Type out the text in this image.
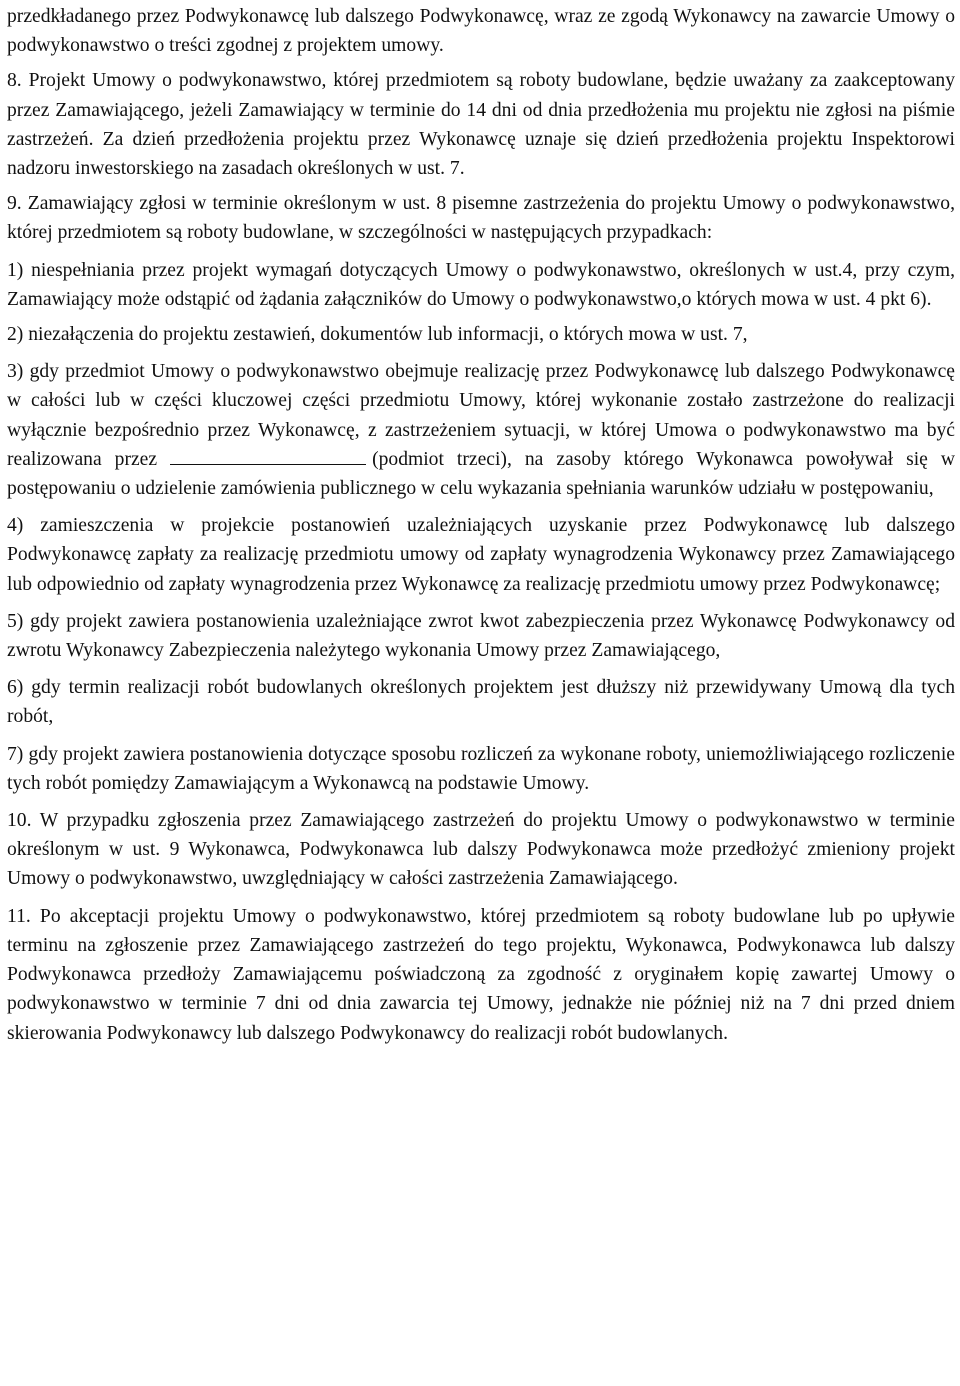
przedkładanego przez Podwykonawcę lub dalszego Podwykonawcę, wraz ze zgodą Wykonawcy na zawarcie Umowy o podwykonawstwo o treści zgodnej z projektem umowy.

8. Projekt Umowy o podwykonawstwo, której przedmiotem są roboty budowlane, będzie uważany za zaakceptowany przez Zamawiającego, jeżeli Zamawiający w terminie do 14 dni od dnia przedłożenia mu projektu nie zgłosi na piśmie zastrzeżeń. Za dzień przedłożenia projektu przez Wykonawcę uznaje się dzień przedłożenia projektu Inspektorowi nadzoru inwestorskiego na zasadach określonych w ust. 7.

9. Zamawiający zgłosi w terminie określonym w ust. 8 pisemne zastrzeżenia do projektu Umowy o podwykonawstwo, której przedmiotem są roboty budowlane, w szczególności w następujących przypadkach:

1) niespełniania przez projekt wymagań dotyczących Umowy o podwykonawstwo, określonych w ust.4, przy czym, Zamawiający może odstąpić od żądania załączników do Umowy o podwykonawstwo,o których mowa w ust. 4 pkt 6).

2) niezałączenia do projektu zestawień, dokumentów lub informacji, o których mowa w ust. 7,

3) gdy przedmiot Umowy o podwykonawstwo obejmuje realizację przez Podwykonawcę lub dalszego Podwykonawcę w całości lub w części kluczowej części przedmiotu Umowy, której wykonanie zostało zastrzeżone do realizacji wyłącznie bezpośrednio przez Wykonawcę, z zastrzeżeniem sytuacji, w której Umowa o podwykonawstwo ma być realizowana przez	(podmiot trzeci), na zasoby którego Wykonawca powoływał się w postępowaniu o udzielenie zamówienia publicznego w celu wykazania spełniania warunków udziału w postępowaniu,

4) zamieszczenia w projekcie postanowień uzależniających uzyskanie przez Podwykonawcę lub dalszego Podwykonawcę zapłaty za realizację przedmiotu umowy od zapłaty wynagrodzenia Wykonawcy przez Zamawiającego lub odpowiednio od zapłaty wynagrodzenia przez Wykonawcę za realizację przedmiotu umowy przez Podwykonawcę;

5) gdy projekt zawiera postanowienia uzależniające zwrot kwot zabezpieczenia przez Wykonawcę Podwykonawcy od zwrotu Wykonawcy Zabezpieczenia należytego wykonania Umowy przez Zamawiającego,

6) gdy termin realizacji robót budowlanych określonych projektem jest dłuższy niż przewidywany Umową dla tych robót,

7) gdy projekt zawiera postanowienia dotyczące sposobu rozliczeń za wykonane roboty, uniemożliwiającego rozliczenie tych robót pomiędzy Zamawiającym a Wykonawcą na podstawie Umowy.

10. W przypadku zgłoszenia przez Zamawiającego zastrzeżeń do projektu Umowy o podwykonawstwo w terminie określonym w ust. 9 Wykonawca, Podwykonawca lub dalszy Podwykonawca może przedłożyć zmieniony projekt Umowy o podwykonawstwo, uwzględniający w całości zastrzeżenia Zamawiającego.

11. Po akceptacji projektu Umowy o podwykonawstwo, której przedmiotem są roboty budowlane lub po upływie terminu na zgłoszenie przez Zamawiającego zastrzeżeń do tego projektu, Wykonawca, Podwykonawca lub dalszy Podwykonawca przedłoży Zamawiającemu poświadczoną za zgodność z oryginałem kopię zawartej Umowy o podwykonawstwo w terminie 7 dni od dnia zawarcia tej Umowy, jednakże nie później niż na 7 dni przed dniem skierowania Podwykonawcy lub dalszego Podwykonawcy do realizacji robót budowlanych.
